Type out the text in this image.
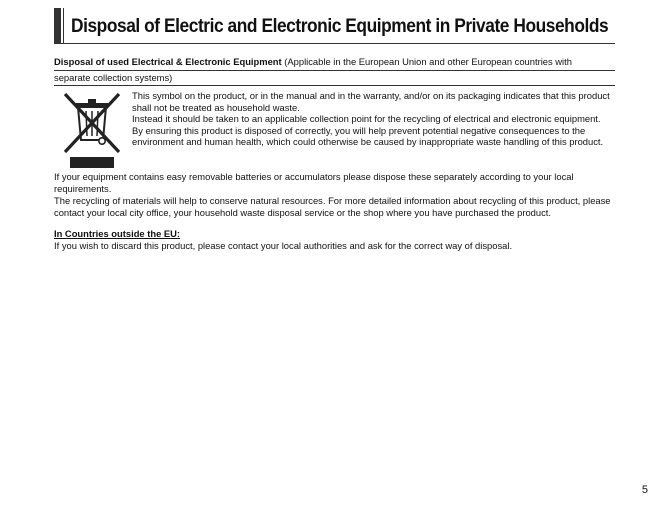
Disposal of Electric and Electronic Equipment in Private Households
Disposal of used Electrical & Electronic Equipment (Applicable in the European Union and other European countries with
separate collection systems)

This symbol on the product, or in the manual and in the warranty, and/or on its packaging indicates that this product shall not be treated as household waste.

Instead it should be taken to an applicable collection point for the recycling of electrical and electronic equipment.

By ensuring this product is disposed of correctly, you will help prevent potential negative consequences to the environment and human health, which could otherwise be caused by inappropriate waste handling of this product.

If your equipment contains easy removable batteries or accumulators please dispose these separately according to your local requirements.

The recycling of materials will help to conserve natural resources. For more detailed information about recycling of this product, please contact your local city office, your household waste disposal service or the shop where you have purchased the product.

In Countries outside the EU:

If you wish to discard this product, please contact your local authorities and ask for the correct way of disposal.

5
